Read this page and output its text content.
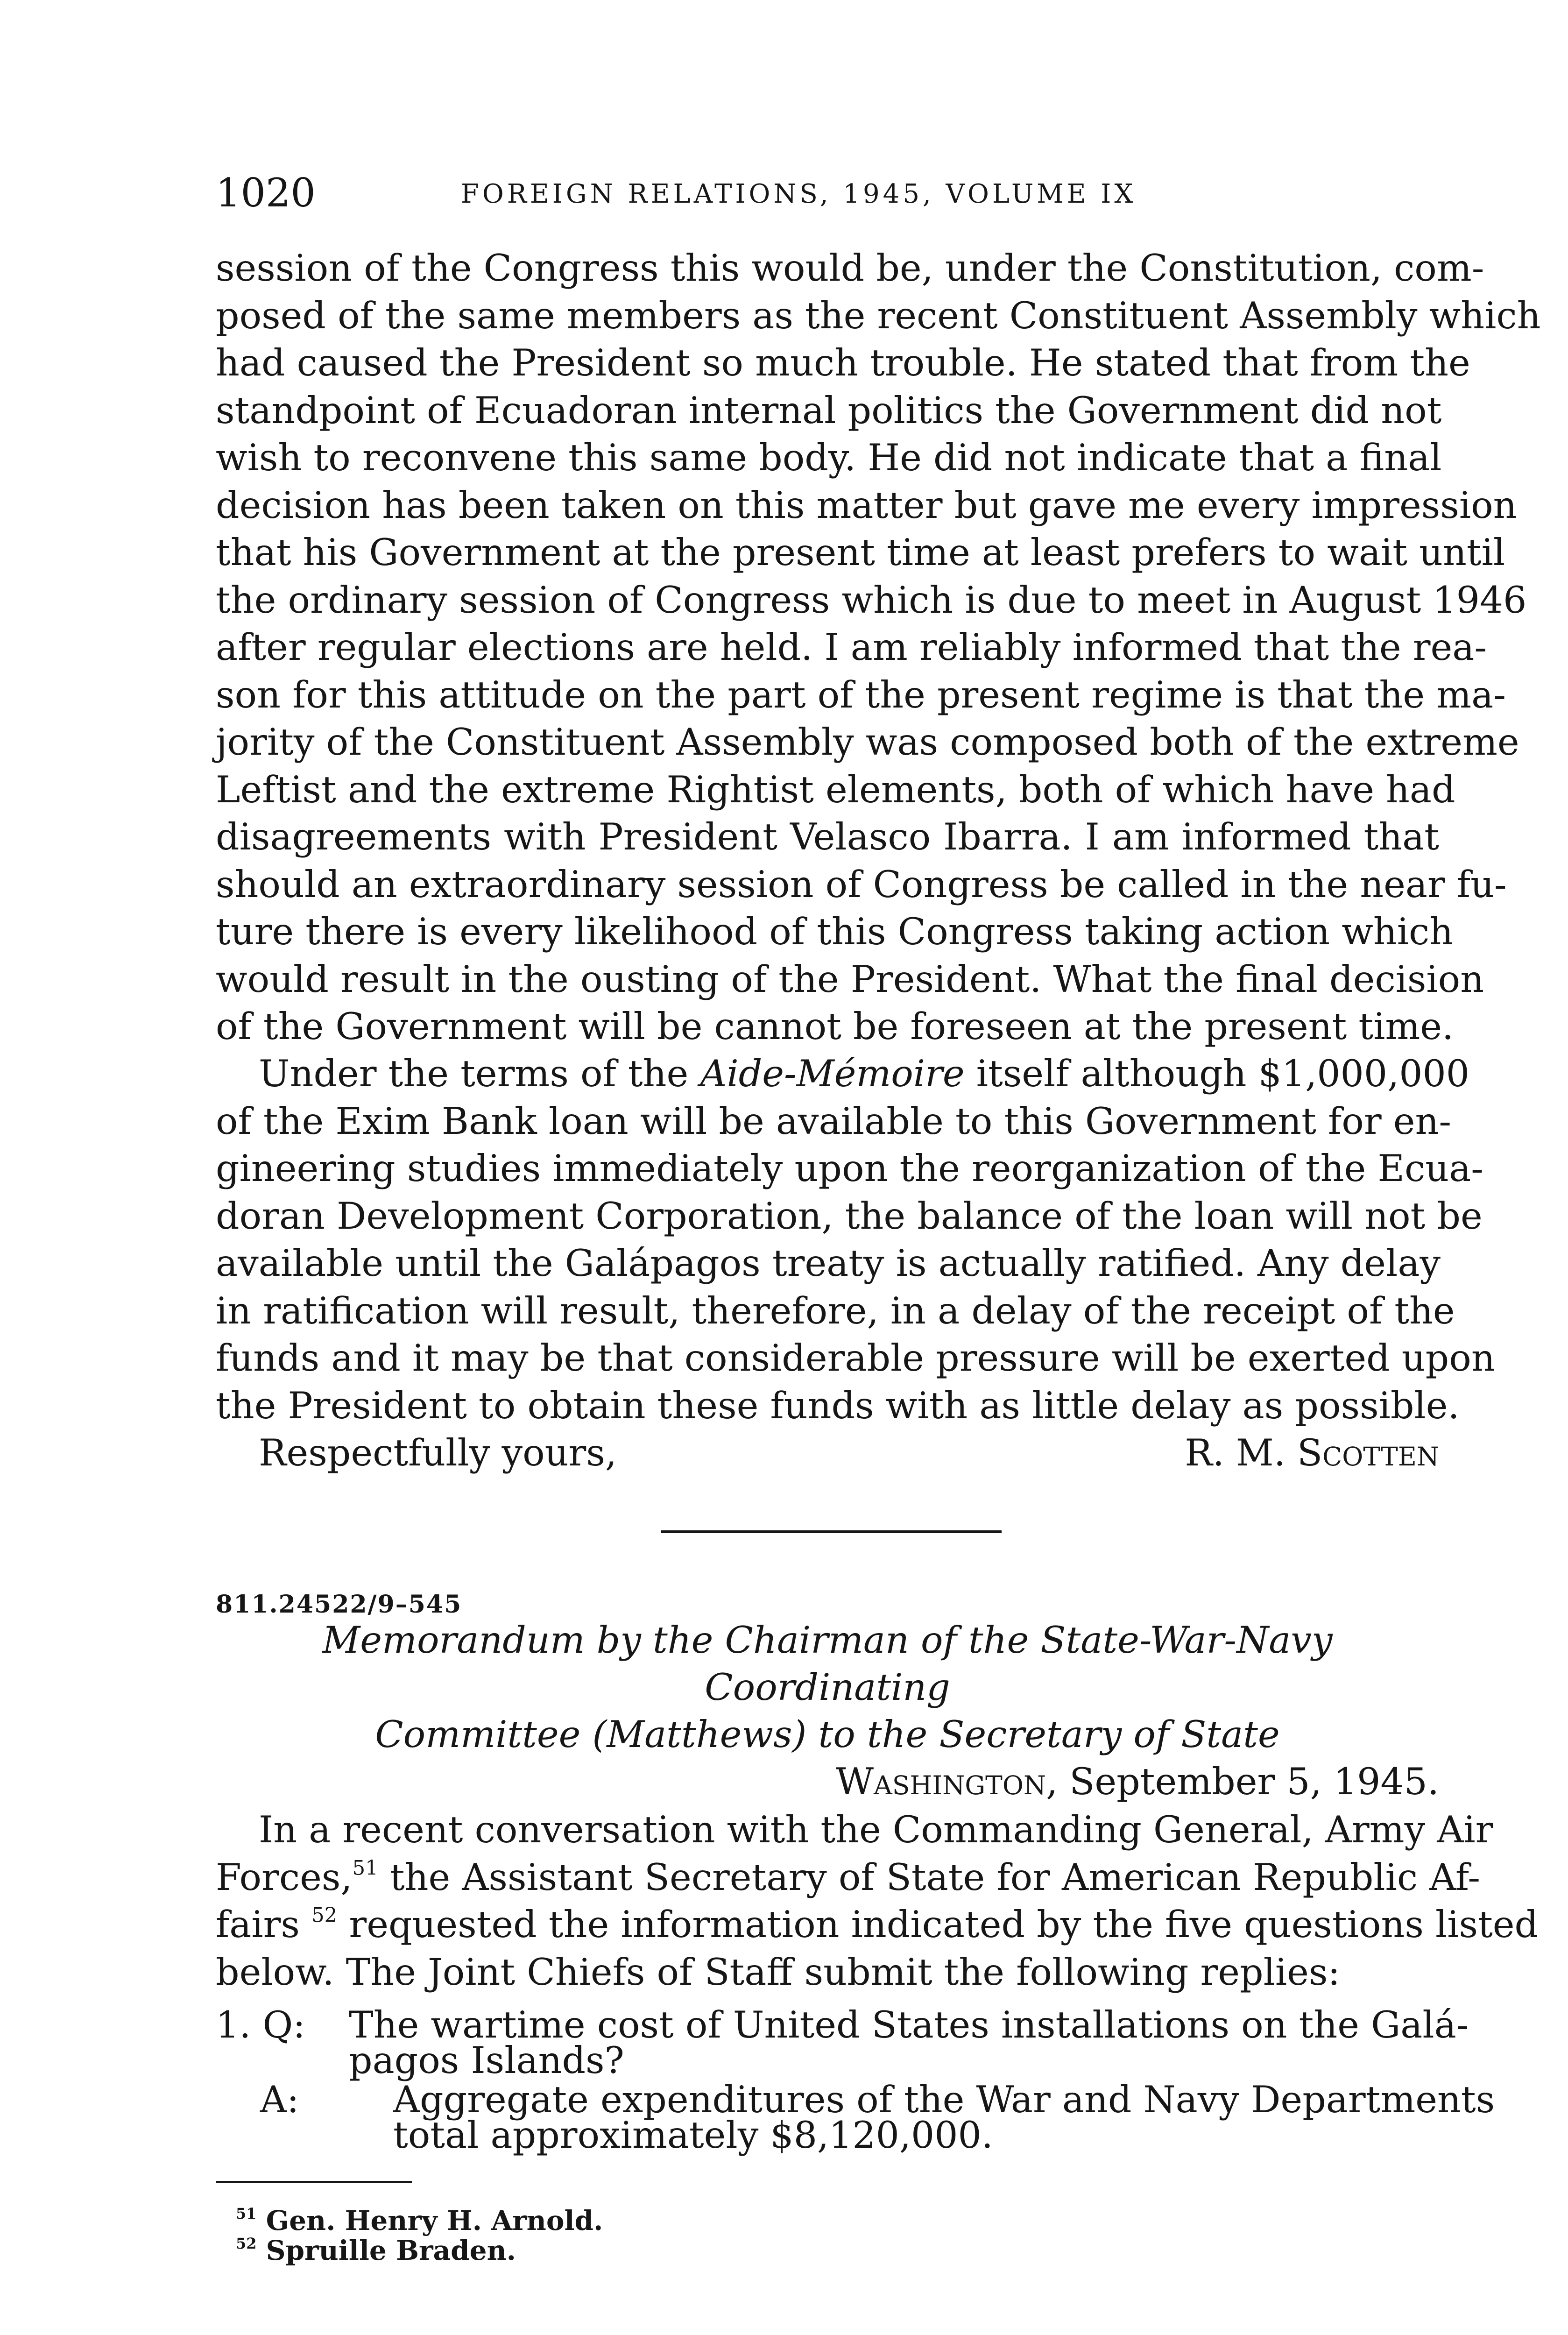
1020	FOREIGN RELATIONS, 1945, VOLUME IX
session of the Congress this would be, under the Constitution, com-
posed of the same members as the recent Constituent Assembly which
had caused the President so much trouble. He stated that from the
standpoint of Ecuadoran internal politics the Government did not
wish to reconvene this same body. He did not indicate that a final
decision has been taken on this matter but gave me every impression
that his Government at the present time at least prefers to wait until
the ordinary session of Congress which is due to meet in August 1946
after regular elections are held. I am reliably informed that the rea-
son for this attitude on the part of the present regime is that the ma-
jority of the Constituent Assembly was composed both of the extreme
Leftist and the extreme Rightist elements, both of which have had
disagreements with President Velasco Ibarra. I am informed that
should an extraordinary session of Congress be called in the near fu-
ture there is every likelihood of this Congress taking action which
would result in the ousting of the President. What the final decision
of the Government will be cannot be foreseen at the present time.
Under the terms of the Aide-Mémoire itself although $1,000,000
of the Exim Bank loan will be available to this Government for en-
gineering studies immediately upon the reorganization of the Ecua-
doran Development Corporation, the balance of the loan will not be
available until the Galápagos treaty is actually ratified. Any delay
in ratification will result, therefore, in a delay of the receipt of the
funds and it may be that considerable pressure will be exerted upon
the President to obtain these funds with as little delay as possible.
Respectfully yours,	R. M. Scotten
811.24522/9–545
Memorandum by the Chairman of the State-War-Navy Coordinating
Committee (Matthews) to the Secretary of State
Washington, September 5, 1945.
In a recent conversation with the Commanding General, Army Air
Forces,$^{51}$ the Assistant Secretary of State for American Republic Af-
fairs $^{52}$ requested the information indicated by the five questions listed
below. The Joint Chiefs of Staff submit the following replies:
1. Q:	The wartime cost of United States installations on the Galá-
pagos Islands?
A:	Aggregate expenditures of the War and Navy Departments
total approximately $8,120,000.
$^{51}$ Gen. Henry H. Arnold.
$^{52}$ Spruille Braden.
